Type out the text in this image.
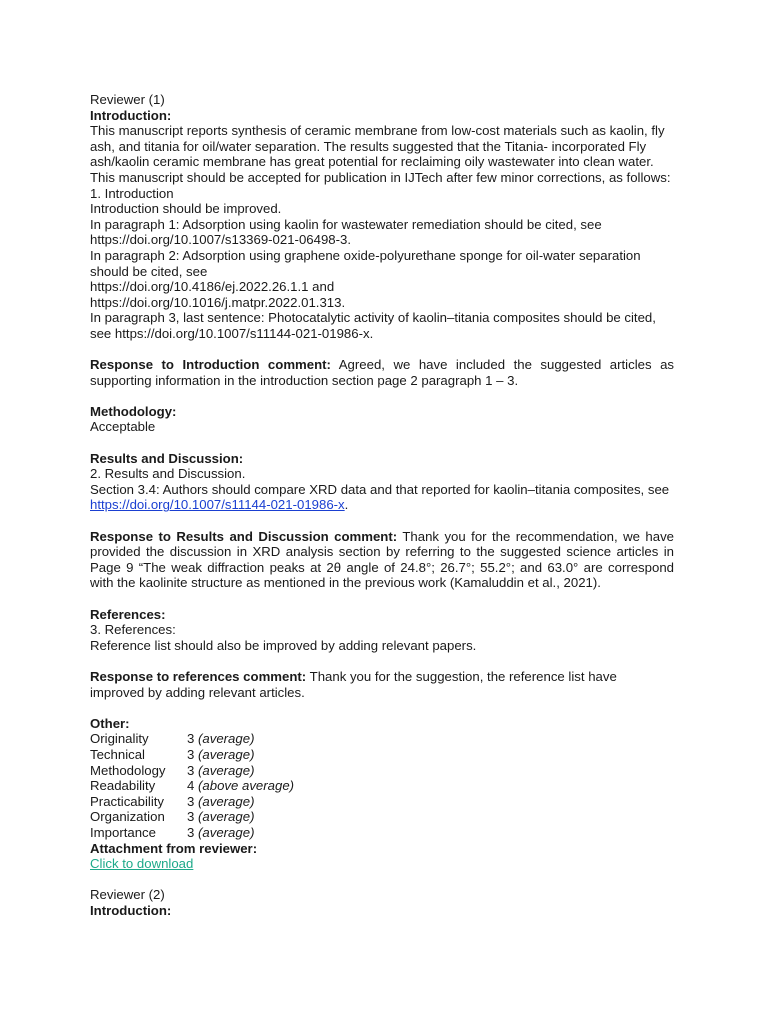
Reviewer (1)
Introduction:
This manuscript reports synthesis of ceramic membrane from low-cost materials such as kaolin, fly
ash, and titania for oil/water separation. The results suggested that the Titania- incorporated Fly
ash/kaolin ceramic membrane has great potential for reclaiming oily wastewater into clean water.
This manuscript should be accepted for publication in IJTech after few minor corrections, as follows:
1. Introduction
Introduction should be improved.
In paragraph 1: Adsorption using kaolin for wastewater remediation should be cited, see
https://doi.org/10.1007/s13369-021-06498-3.
In paragraph 2: Adsorption using graphene oxide-polyurethane sponge for oil-water separation
should be cited, see
https://doi.org/10.4186/ej.2022.26.1.1 and
https://doi.org/10.1016/j.matpr.2022.01.313.
In paragraph 3, last sentence: Photocatalytic activity of kaolin–titania composites should be cited,
see https://doi.org/10.1007/s11144-021-01986-x.
Response to Introduction comment: Agreed, we have included the suggested articles as supporting information in the introduction section page 2 paragraph 1 – 3.
Methodology:
Acceptable
Results and Discussion:
2. Results and Discussion.
Section 3.4: Authors should compare XRD data and that reported for kaolin–titania composites, see
https://doi.org/10.1007/s11144-021-01986-x.
Response to Results and Discussion comment: Thank you for the recommendation, we have provided the discussion in XRD analysis section by referring to the suggested science articles in Page 9 “The weak diffraction peaks at 2θ angle of 24.8°; 26.7°; 55.2°; and 63.0° are correspond with the kaolinite structure as mentioned in the previous work (Kamaluddin et al., 2021).
References:
3. References:
Reference list should also be improved by adding relevant papers.
Response to references comment: Thank you for the suggestion, the reference list have
improved by adding relevant articles.
Other:
Originality	3 (average)
Technical	3 (average)
Methodology 3 (average)
Readability 4 (above average)
Practicability 3 (average)
Organization 3 (average)
Importance 3 (average)
Attachment from reviewer:
Click to download
Reviewer (2)
Introduction:
